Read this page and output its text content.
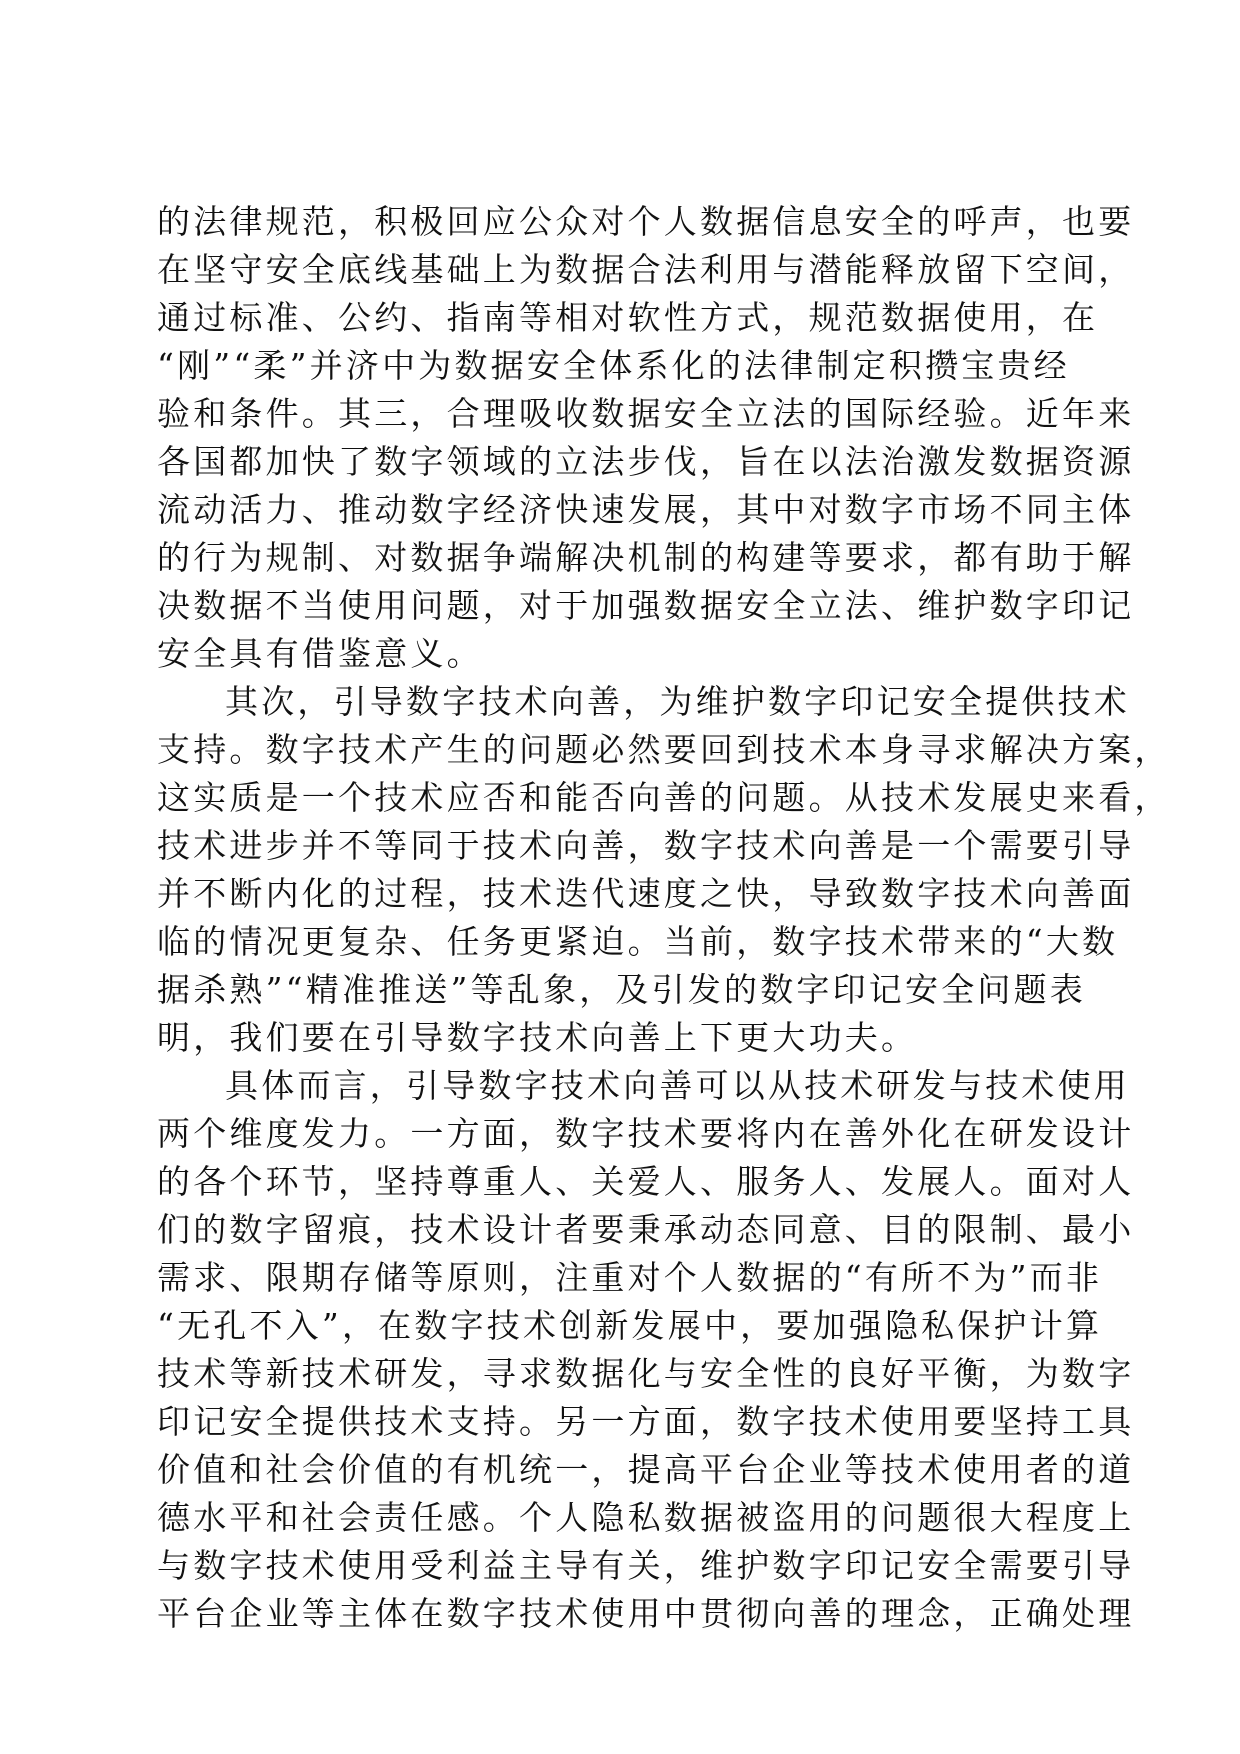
的法律规范，积极回应公众对个人数据信息安全的呼声，也要
在坚守安全底线基础上为数据合法利用与潜能释放留下空间，
通过标准、公约、指南等相对软性方式，规范数据使用，在
“刚”“柔”并济中为数据安全体系化的法律制定积攒宝贵经
验和条件。其三，合理吸收数据安全立法的国际经验。近年来
各国都加快了数字领域的立法步伐，旨在以法治激发数据资源
流动活力、推动数字经济快速发展，其中对数字市场不同主体
的行为规制、对数据争端解决机制的构建等要求，都有助于解
决数据不当使用问题，对于加强数据安全立法、维护数字印记
安全具有借鉴意义。
其次，引导数字技术向善，为维护数字印记安全提供技术
支持。数字技术产生的问题必然要回到技术本身寻求解决方案，
这实质是一个技术应否和能否向善的问题。从技术发展史来看，
技术进步并不等同于技术向善，数字技术向善是一个需要引导
并不断内化的过程，技术迭代速度之快，导致数字技术向善面
临的情况更复杂、任务更紧迫。当前，数字技术带来的“大数
据杀熟”“精准推送”等乱象，及引发的数字印记安全问题表
明，我们要在引导数字技术向善上下更大功夫。
具体而言，引导数字技术向善可以从技术研发与技术使用
两个维度发力。一方面，数字技术要将内在善外化在研发设计
的各个环节，坚持尊重人、关爱人、服务人、发展人。面对人
们的数字留痕，技术设计者要秉承动态同意、目的限制、最小
需求、限期存储等原则，注重对个人数据的“有所不为”而非
“无孔不入”，在数字技术创新发展中，要加强隐私保护计算
技术等新技术研发，寻求数据化与安全性的良好平衡，为数字
印记安全提供技术支持。另一方面，数字技术使用要坚持工具
价值和社会价值的有机统一，提高平台企业等技术使用者的道
德水平和社会责任感。个人隐私数据被盗用的问题很大程度上
与数字技术使用受利益主导有关，维护数字印记安全需要引导
平台企业等主体在数字技术使用中贯彻向善的理念，正确处理
